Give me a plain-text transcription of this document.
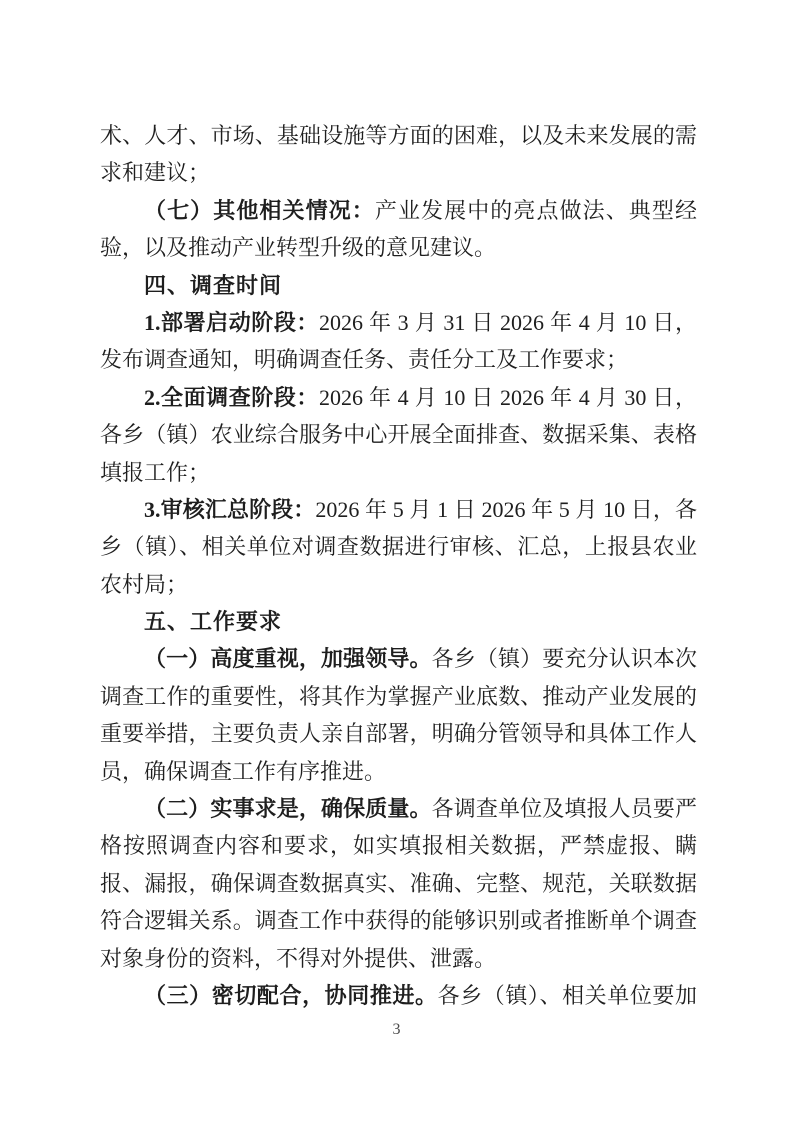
术、人才、市场、基础设施等方面的困难，以及未来发展的需
求和建议；
（七）其他相关情况：产业发展中的亮点做法、典型经
验，以及推动产业转型升级的意见建议。
四、调查时间
1.部署启动阶段：2026 年 3 月 31 日 2026 年 4 月 10 日，
发布调查通知，明确调查任务、责任分工及工作要求；
2.全面调查阶段：2026 年 4 月 10 日 2026 年 4 月 30 日，
各乡（镇）农业综合服务中心开展全面排查、数据采集、表格
填报工作；
3.审核汇总阶段：2026 年 5 月 1 日 2026 年 5 月 10 日，各
乡（镇）、相关单位对调查数据进行审核、汇总，上报县农业
农村局；
五、工作要求
（一）高度重视，加强领导。各乡（镇）要充分认识本次
调查工作的重要性，将其作为掌握产业底数、推动产业发展的
重要举措，主要负责人亲自部署，明确分管领导和具体工作人
员，确保调查工作有序推进。
（二）实事求是，确保质量。各调查单位及填报人员要严
格按照调查内容和要求，如实填报相关数据，严禁虚报、瞒
报、漏报，确保调查数据真实、准确、完整、规范，关联数据
符合逻辑关系。调查工作中获得的能够识别或者推断单个调查
对象身份的资料，不得对外提供、泄露。
（三）密切配合，协同推进。各乡（镇）、相关单位要加
3
